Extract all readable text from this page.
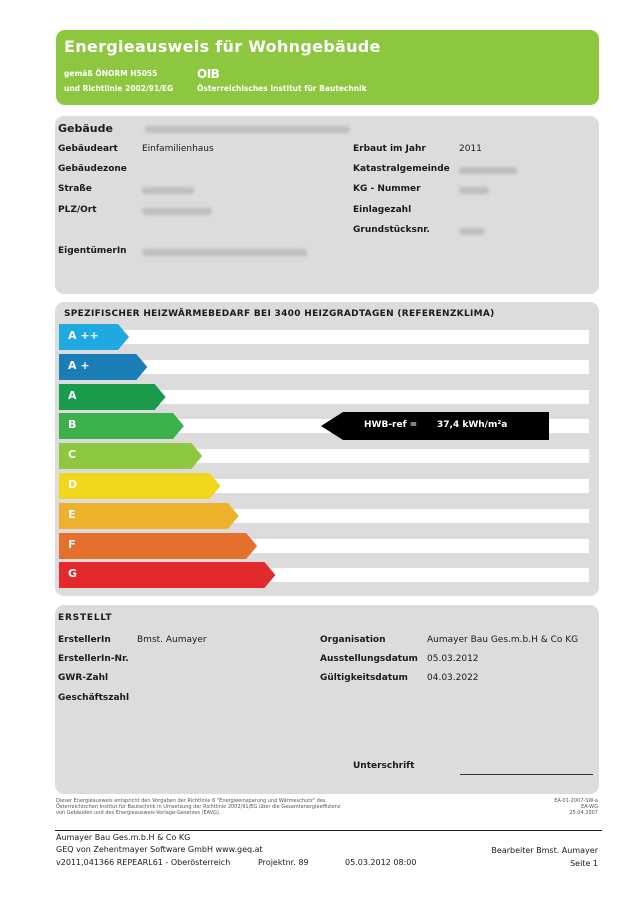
Energieausweis für Wohngebäude
gemäß ÖNORM H5055
und Richtlinie 2002/91/EG
OIB
Österreichisches Institut für Bautechnik
Gebäude
Gebäudeart	Einfamilienhaus
Gebäudezone
Straße
PLZ/Ort
EigentümerIn
Erbaut im Jahr	2011
Katastralgemeinde
KG - Nummer
Einlagezahl
Grundstücksnr.
SPEZIFISCHER HEIZWÄRMEBEDARF BEI 3400 HEIZGRADTAGEN (REFERENZKLIMA)
A ++
A +
A
B
C
D
E
F
G
HWB-ref = 37,4 kWh/m²a
ERSTELLT
ErstellerIn	Bmst. Aumayer
ErstellerIn-Nr.
GWR-Zahl
Geschäftszahl
Organisation	Aumayer Bau Ges.m.b.H & Co KG
Ausstellungsdatum 05.03.2012
Gültigkeitsdatum 04.03.2022
Unterschrift
Dieser Energieausweis entspricht den Vorgaben der Richtlinie 6 "Energieeinsparung und Wärmeschutz" des
Österreichischen Institut für Bautechnik in Umsetzung der Richtlinie 2002/91/EG über die Gesamtenergieeffizienz
von Gebäuden und des Energieausweis-Vorlage-Gesetzes (EAVG).
EA-01-2007-SW-a
EA-WG
25.04.2007
Aumayer Bau Ges.m.b.H & Co KG
GEQ von Zehentmayer Software GmbH www.geq.at
v2011,041366 REPEARL61 - Oberösterreich	Projektnr. 89	05.03.2012 08:00
Bearbeiter Bmst. Aumayer
Seite 1
